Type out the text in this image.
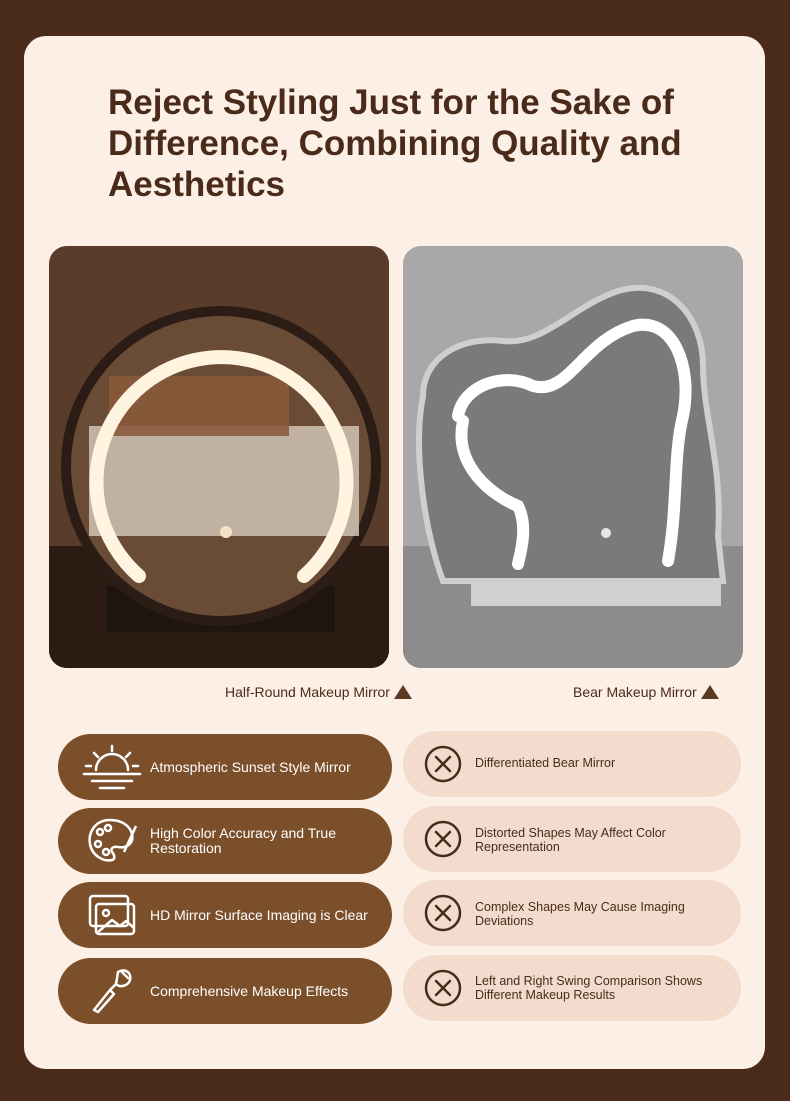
Reject Styling Just for the Sake of Difference, Combining Quality and Aesthetics
Half-Round Makeup Mirror	Bear Makeup Mirror
Atmospheric Sunset Style Mirror
High Color Accuracy and True Restoration
HD Mirror Surface Imaging is Clear
Comprehensive Makeup Effects
Differentiated Bear Mirror
Distorted Shapes May Affect Color Representation
Complex Shapes May Cause Imaging Deviations
Left and Right Swing Comparison Shows Different Makeup Results
